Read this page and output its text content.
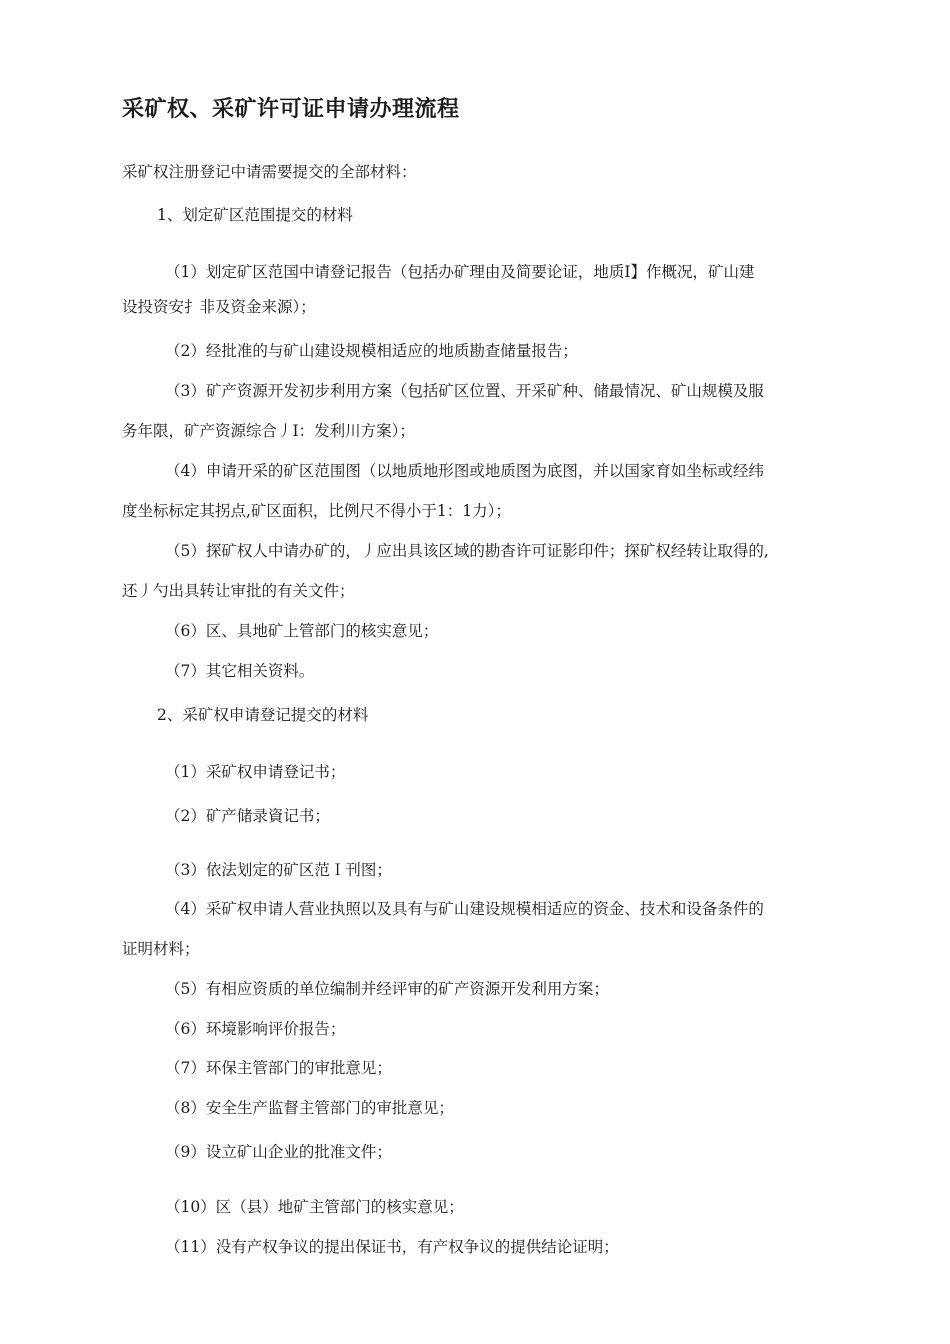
采矿权、采矿许可证申请办理流程
采矿权注册登记中请需要提交的全部材料：
1、划定矿区范围提交的材料
（1）划定矿区范国中请登记报告（包括办矿理由及简要论证，地质Ⅰ】作概况，矿山建
设投资安扌非及资金来源）；
（2）经批准的与矿山建设规模相适应的地质勘查储量报告；
（3）矿产资源开发初步利用方案（包括矿区位置、开采矿种、储最情况、矿山规模及服
务年限，矿产资源综合丿I：发利川方案）；
（4）申请开采的矿区范围图（以地质地形图或地质图为底图，并以国家育如坐标或经纬
度坐标标定其拐点,矿区面积，比例尺不得小于1：1力）；
（5）探矿权人中请办矿的，丿应出具该区域的勘杳许可证影印件；探矿权经转让取得的,
还丿勺出具转让审批的有关文件；
（6）区、具地矿上管部门的核实意见；
（7）其它相关资料。
2、采矿权申请登记提交的材料
（1）采矿权申请登记书；
（2）矿产储录資记书；
（3）依法划定的矿区范Ｉ刊图；
（4）采矿权申请人营业执照以及具有与矿山建设规模相适应的资金、技术和设备条件的
证明材料；
（5）有相应资质的单位编制并经评审的矿产资源开发利用方案；
（6）环境影响评价报告；
（7）环保主管部门的审批意见；
（8）安全生产监督主管部门的审批意见；
（9）设立矿山企业的批准文件；
（10）区（县）地矿主管部门的核实意见；
（11）没有产权争议的提出保证书，有产权争议的提供结论证明；
